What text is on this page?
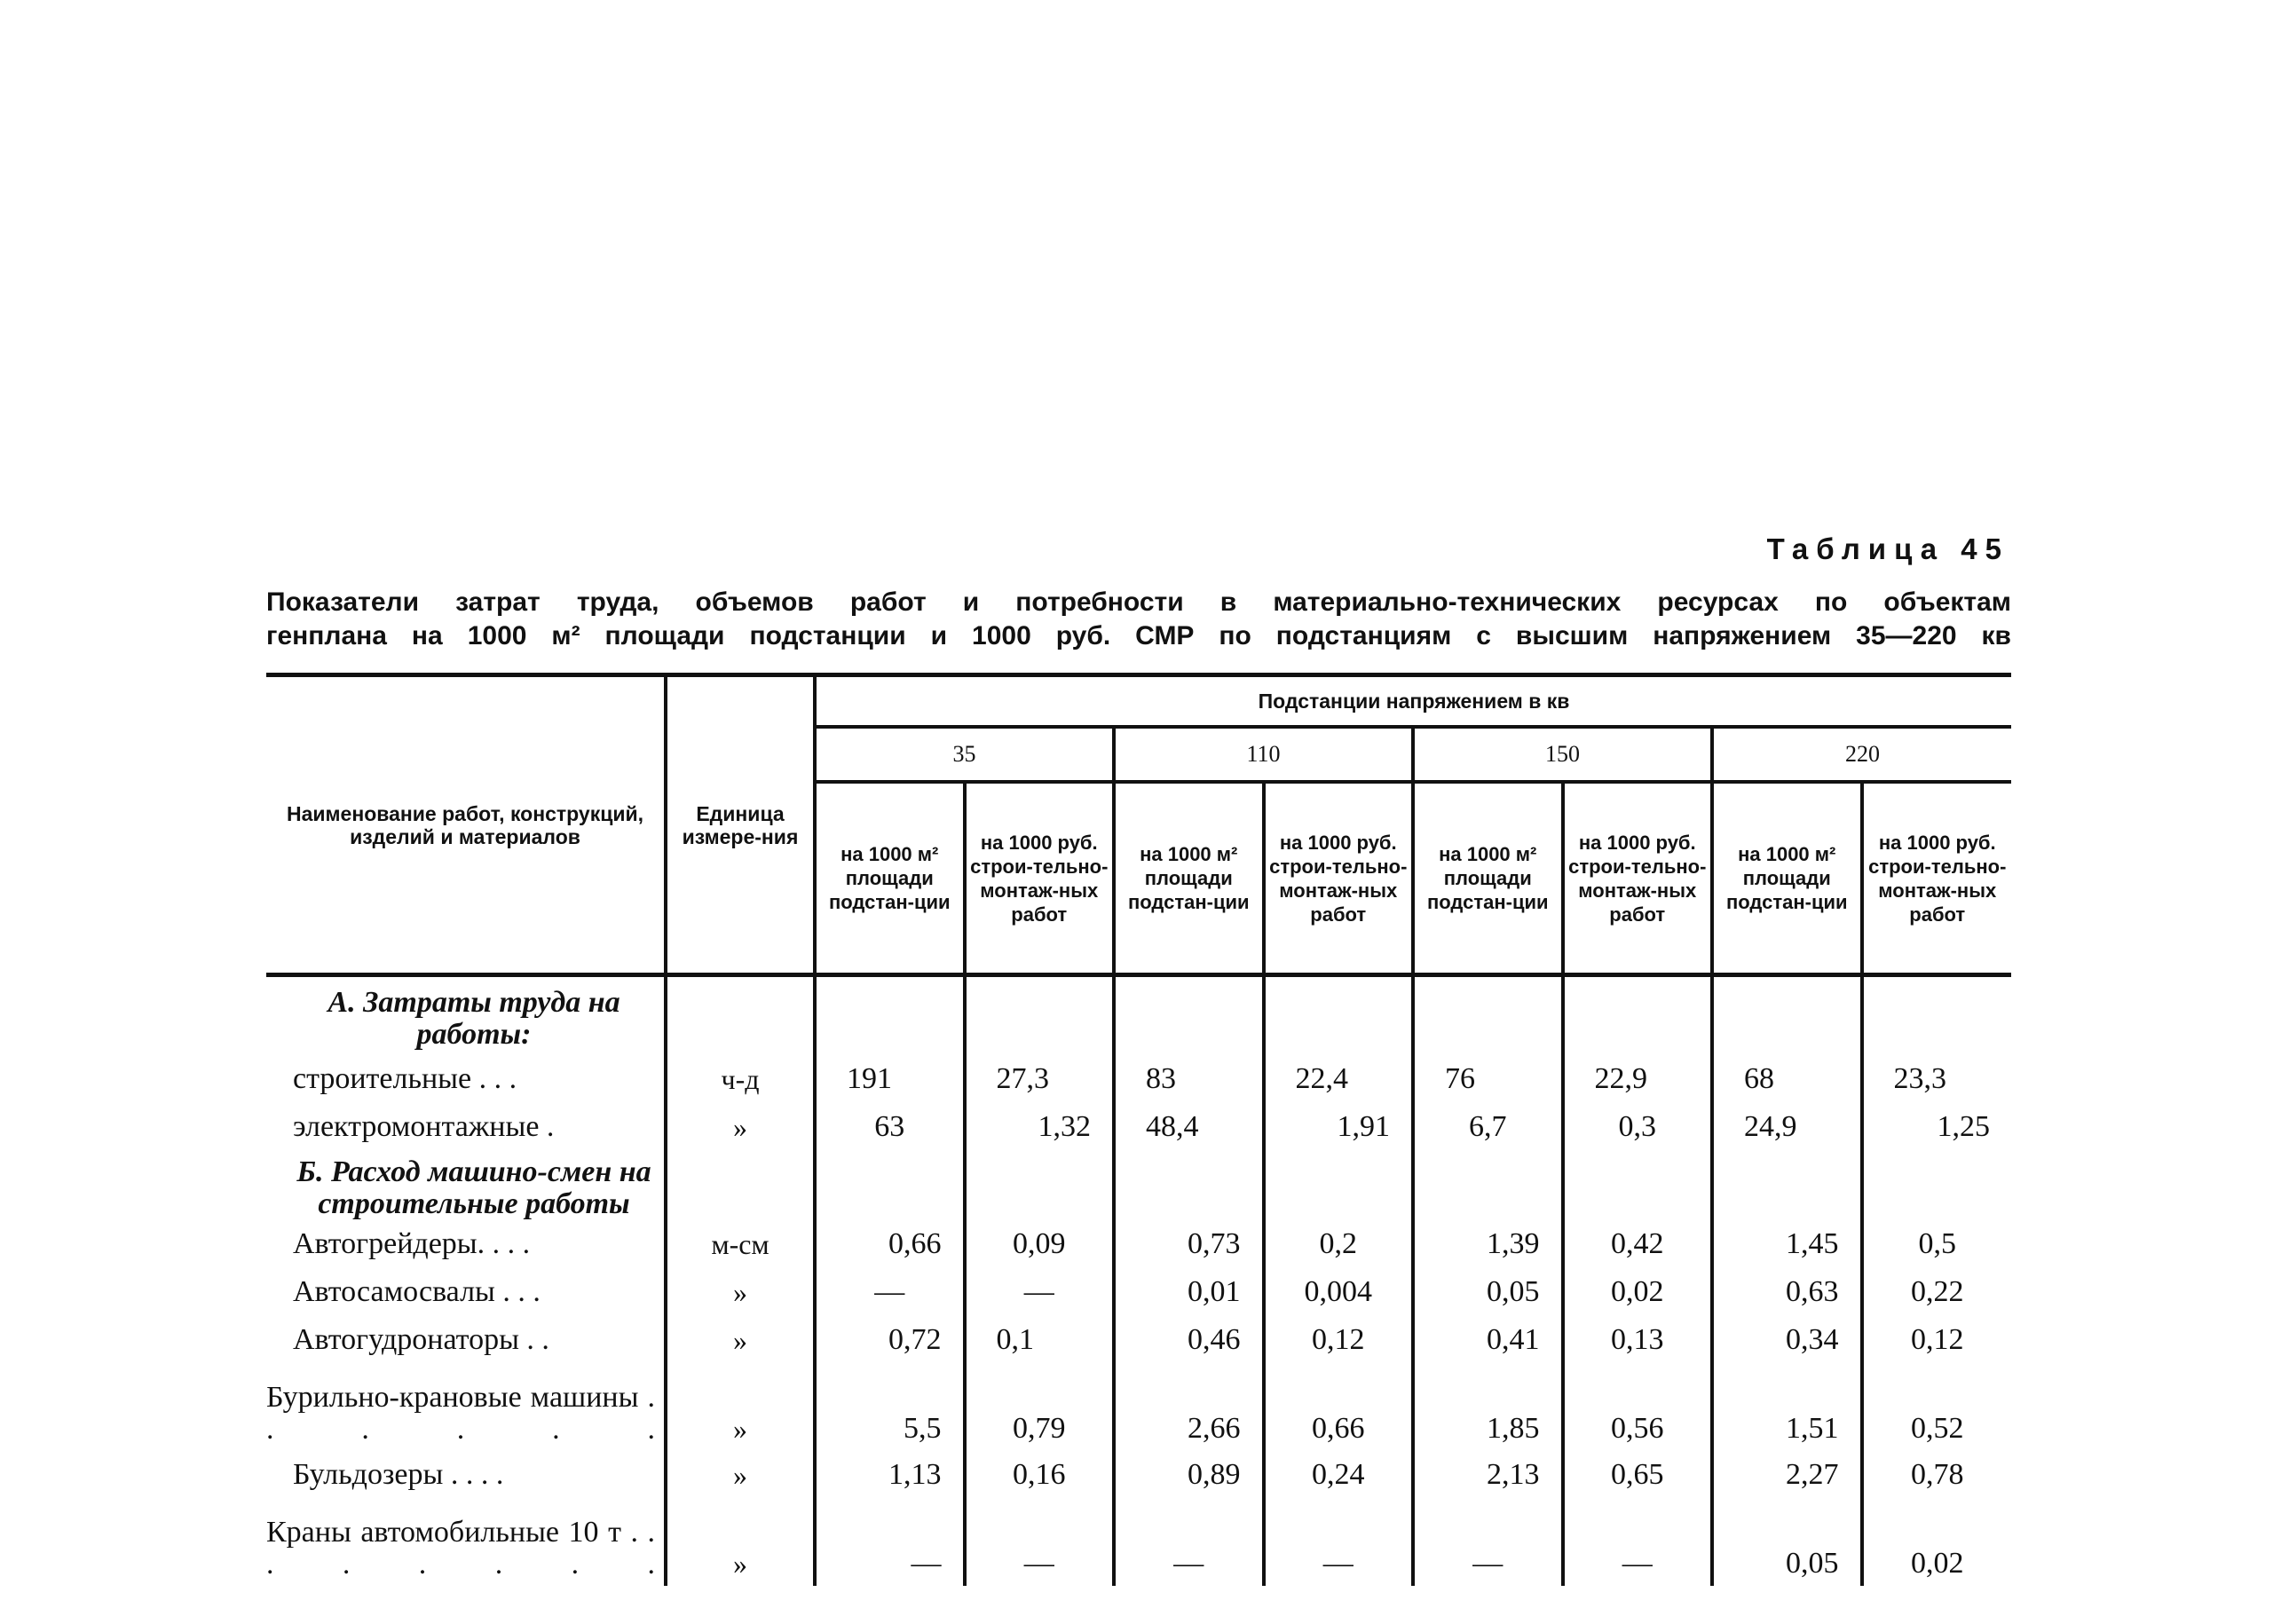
Таблица 45
Показатели затрат труда, объемов работ и потребности в материально-технических ресурсах по объектам
генплана на 1000 м² площади подстанции и 1000 руб. СМР по подстанциям с высшим напряжением 35—220 кв
Наименование работ, конструкций, изделий и материалов	Единица измере-ния	Подстанции напряжением в кв							
		35		110		150		220	
		на 1000 м² площади подстан-ции	на 1000 руб. строи-тельно-монтаж-ных работ	на 1000 м² площади подстан-ции	на 1000 руб. строи-тельно-монтаж-ных работ	на 1000 м² площади подстан-ции	на 1000 руб. строи-тельно-монтаж-ных работ	на 1000 м² площади подстан-ции	на 1000 руб. строи-тельно-монтаж-ных работ
А. Затраты труда на работы:									
строительные . . .	ч-д	191	27,3	83	22,4	76	22,9	68	23,3
электромонтажные .	»	63	1,32	48,4	1,91	6,7	0,3	24,9	1,25
Б. Расход машино-смен на строительные работы									
Автогрейдеры. . . .	м-см	0,66	0,09	0,73	0,2	1,39	0,42	1,45	0,5
Автосамосвалы . . .	»	—	—	0,01	0,004	0,05	0,02	0,63	0,22
Автогудронаторы . .	»	0,72	0,1	0,46	0,12	0,41	0,13	0,34	0,12
Бурильно-крановые машины . . . . . .	»	5,5	0,79	2,66	0,66	1,85	0,56	1,51	0,52
Бульдозеры . . . .	»	1,13	0,16	0,89	0,24	2,13	0,65	2,27	0,78
Краны автомобильные 10 т . . . . . . . .	»	—	—	—	—	—	—	0,05	0,02
